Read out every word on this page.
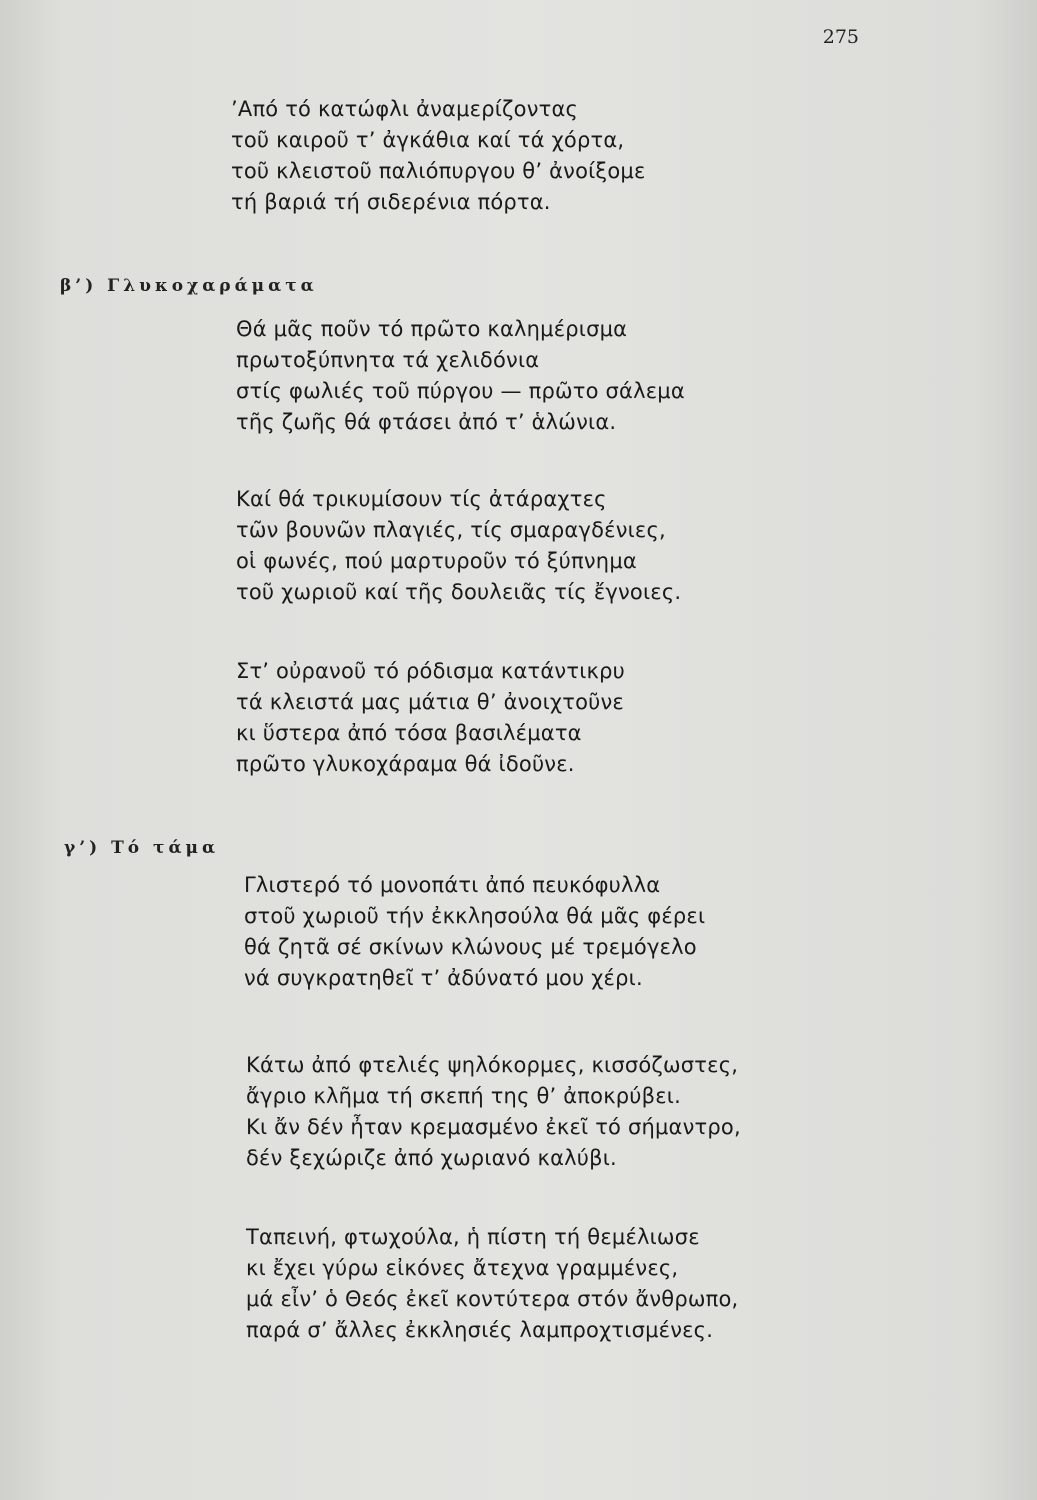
275
’Από τό κατώφλι ἀναμερίζοντας
τοῦ καιροῦ τ’ ἀγκάθια καί τά χόρτα,
τοῦ κλειστοῦ παλιόπυργου θ’ ἀνοίξομε
τή βαριά τή σιδερένια πόρτα.
β’) Γλυκοχαράματα
Θά μᾶς ποῦν τό πρῶτο καλημέρισμα
πρωτοξύπνητα τά χελιδόνια
στίς φωλιές τοῦ πύργου — πρῶτο σάλεμα
τῆς ζωῆς θά φτάσει ἀπό τ’ ἁλώνια.
Καί θά τρικυμίσουν τίς ἀτάραχτες
τῶν βουνῶν πλαγιές, τίς σμαραγδένιες,
οἱ φωνές, πού μαρτυροῦν τό ξύπνημα
τοῦ χωριοῦ καί τῆς δουλειᾶς τίς ἔγνοιες.
Στ’ οὐρανοῦ τό ρόδισμα κατάντικρυ
τά κλειστά μας μάτια θ’ ἀνοιχτοῦνε
κι ὕστερα ἀπό τόσα βασιλέματα
πρῶτο γλυκοχάραμα θά ἰδοῦνε.
γ’) Τό τάμα
Γλιστερό τό μονοπάτι ἀπό πευκόφυλλα
στοῦ χωριοῦ τήν ἐκκλησούλα θά μᾶς φέρει
θά ζητᾶ σέ σκίνων κλώνους μέ τρεμόγελο
νά συγκρατηθεῖ τ’ ἀδύνατό μου χέρι.
Κάτω ἀπό φτελιές ψηλόκορμες, κισσόζωστες,
ἄγριο κλῆμα τή σκεπή της θ’ ἀποκρύβει.
Κι ἄν δέν ἦταν κρεμασμένο ἐκεῖ τό σήμαντρο,
δέν ξεχώριζε ἀπό χωριανό καλύβι.
Ταπεινή, φτωχούλα, ἡ πίστη τή θεμέλιωσε
κι ἔχει γύρω εἰκόνες ἄτεχνα γραμμένες,
μά εἶν’ ὁ Θεός ἐκεῖ κοντύτερα στόν ἄνθρωπο,
παρά σ’ ἄλλες ἐκκλησιές λαμπροχτισμένες.
